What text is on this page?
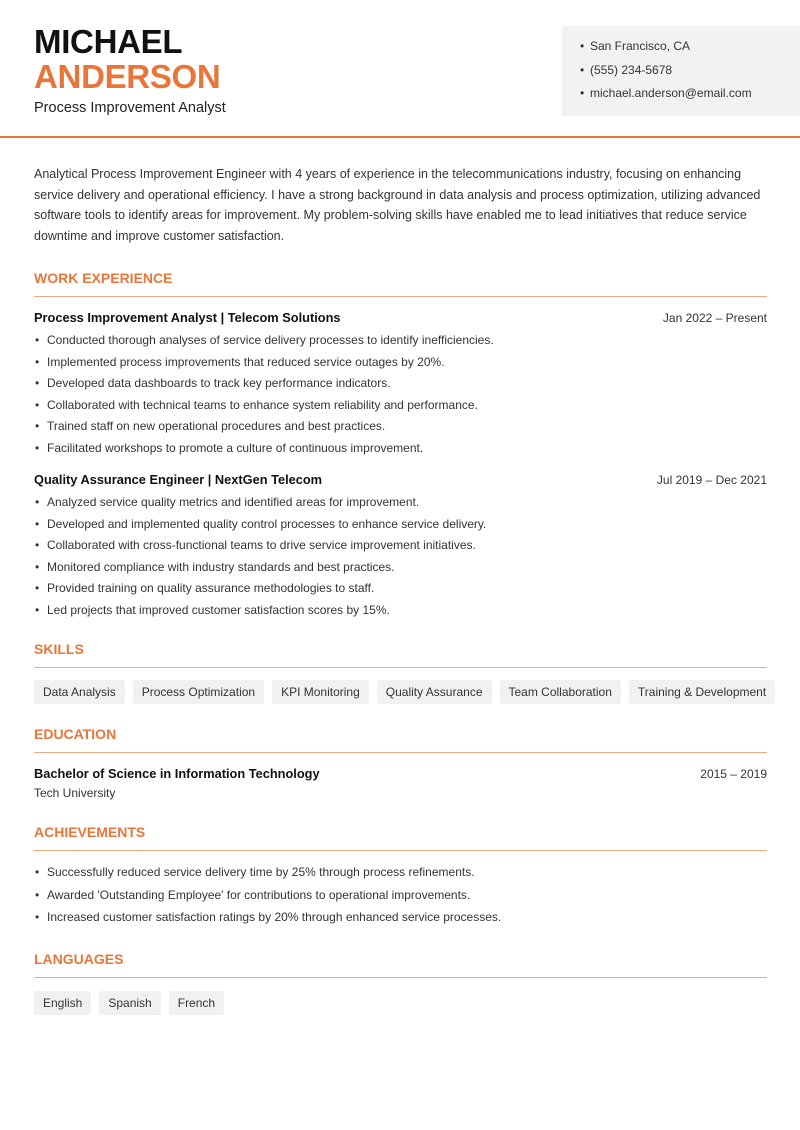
MICHAEL
ANDERSON
Process Improvement Analyst
• San Francisco, CA
• (555) 234-5678
• michael.anderson@email.com

Analytical Process Improvement Engineer with 4 years of experience in the telecommunications industry, focusing on enhancing service delivery and operational efficiency. I have a strong background in data analysis and process optimization, utilizing advanced software tools to identify areas for improvement. My problem-solving skills have enabled me to lead initiatives that reduce service downtime and improve customer satisfaction.

WORK EXPERIENCE
Process Improvement Analyst | Telecom Solutions	Jan 2022 – Present
• Conducted thorough analyses of service delivery processes to identify inefficiencies.
• Implemented process improvements that reduced service outages by 20%.
• Developed data dashboards to track key performance indicators.
• Collaborated with technical teams to enhance system reliability and performance.
• Trained staff on new operational procedures and best practices.
• Facilitated workshops to promote a culture of continuous improvement.
Quality Assurance Engineer | NextGen Telecom	Jul 2019 – Dec 2021
• Analyzed service quality metrics and identified areas for improvement.
• Developed and implemented quality control processes to enhance service delivery.
• Collaborated with cross-functional teams to drive service improvement initiatives.
• Monitored compliance with industry standards and best practices.
• Provided training on quality assurance methodologies to staff.
• Led projects that improved customer satisfaction scores by 15%.
SKILLS
Data Analysis	Process Optimization	KPI Monitoring	Quality Assurance	Team Collaboration	Training & Development
EDUCATION
Bachelor of Science in Information Technology	2015 – 2019
Tech University
ACHIEVEMENTS
• Successfully reduced service delivery time by 25% through process refinements.
• Awarded 'Outstanding Employee' for contributions to operational improvements.
• Increased customer satisfaction ratings by 20% through enhanced service processes.
LANGUAGES
English	Spanish	French
